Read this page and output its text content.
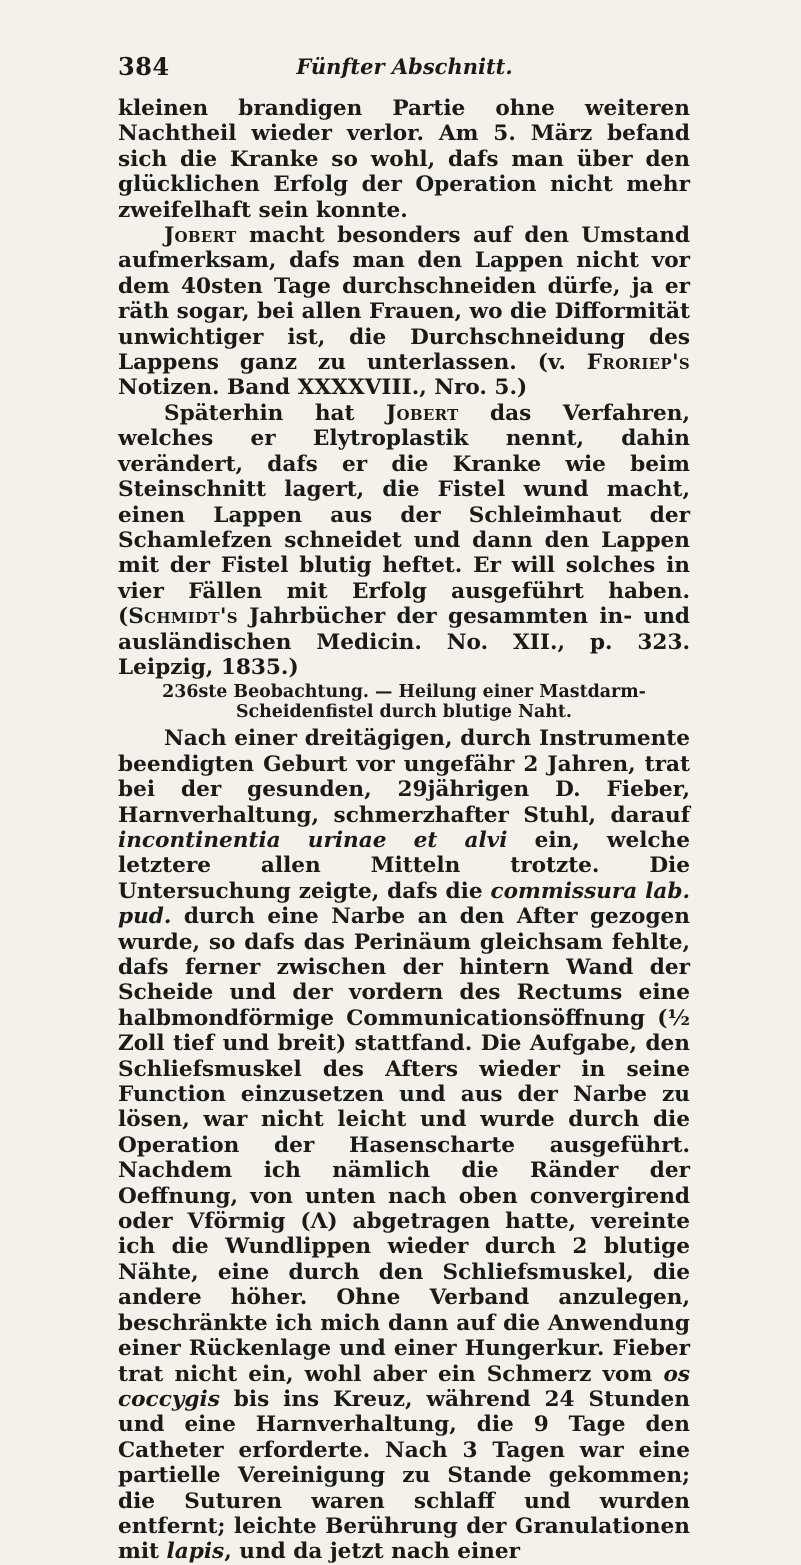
384	Fünfter Abschnitt.

kleinen brandigen Partie ohne weiteren Nachtheil wieder verlor. Am 5. März befand sich die Kranke so wohl, dafs man über den glücklichen Erfolg der Operation nicht mehr zweifelhaft sein konnte.

Jobert macht besonders auf den Umstand aufmerksam, dafs man den Lappen nicht vor dem 40sten Tage durchschneiden dürfe, ja er räth sogar, bei allen Frauen, wo die Difformität unwichtiger ist, die Durchschneidung des Lappens ganz zu unterlassen. (v. Froriep's Notizen. Band XXXXVIII., Nro. 5.)

Späterhin hat Jobert das Verfahren, welches er Elytroplastik nennt, dahin verändert, dafs er die Kranke wie beim Steinschnitt lagert, die Fistel wund macht, einen Lappen aus der Schleimhaut der Schamlefzen schneidet und dann den Lappen mit der Fistel blutig heftet. Er will solches in vier Fällen mit Erfolg ausgeführt haben. (Schmidt's Jahrbücher der gesammten in- und ausländischen Medicin. No. XII., p. 323. Leipzig, 1835.)

236ste Beobachtung. — Heilung einer Mastdarm-Scheidenfistel durch blutige Naht.

Nach einer dreitägigen, durch Instrumente beendigten Geburt vor ungefähr 2 Jahren, trat bei der gesunden, 29jährigen D. Fieber, Harnverhaltung, schmerzhafter Stuhl, darauf incontinentia urinae et alvi ein, welche letztere allen Mitteln trotzte. Die Untersuchung zeigte, dafs die commissura lab. pud. durch eine Narbe an den After gezogen wurde, so dafs das Perinäum gleichsam fehlte, dafs ferner zwischen der hintern Wand der Scheide und der vordern des Rectums eine halbmondförmige Communicationsöffnung (½ Zoll tief und breit) stattfand. Die Aufgabe, den Schliefsmuskel des Afters wieder in seine Function einzusetzen und aus der Narbe zu lösen, war nicht leicht und wurde durch die Operation der Hasenscharte ausgeführt. Nachdem ich nämlich die Ränder der Oeffnung, von unten nach oben convergirend oder Vförmig (Λ) abgetragen hatte, vereinte ich die Wundlippen wieder durch 2 blutige Nähte, eine durch den Schliefsmuskel, die andere höher. Ohne Verband anzulegen, beschränkte ich mich dann auf die Anwendung einer Rückenlage und einer Hungerkur. Fieber trat nicht ein, wohl aber ein Schmerz vom os coccygis bis ins Kreuz, während 24 Stunden und eine Harnverhaltung, die 9 Tage den Catheter erforderte. Nach 3 Tagen war eine partielle Vereinigung zu Stande gekommen; die Suturen waren schlaff und wurden entfernt; leichte Berührung der Granulationen mit lapis, und da jetzt nach einer
